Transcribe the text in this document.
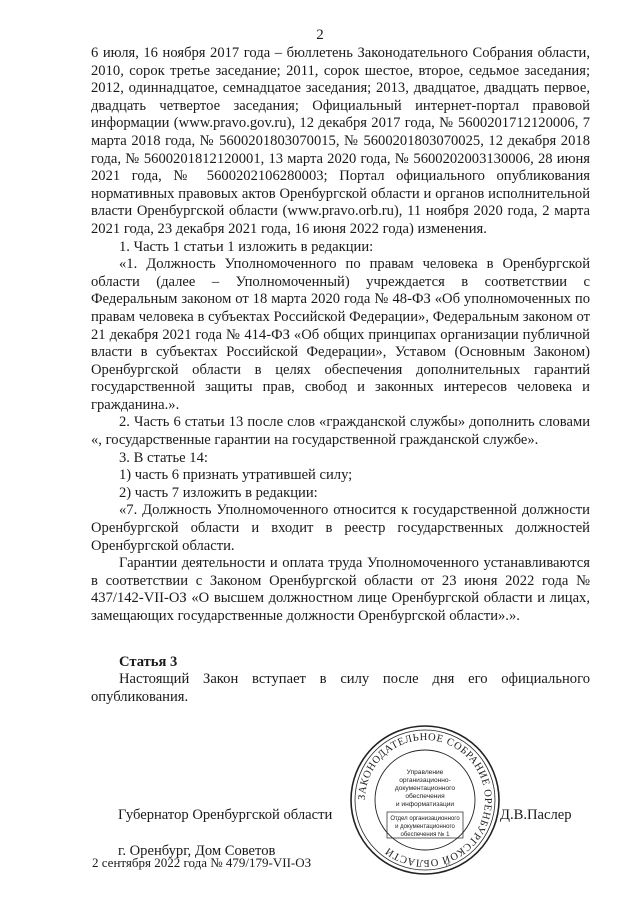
2

6 июля, 16 ноября 2017 года – бюллетень Законодательного Собрания области, 2010, сорок третье заседание; 2011, сорок шестое, второе, седьмое заседания; 2012, одиннадцатое, семнадцатое заседания; 2013, двадцатое, двадцать первое, двадцать четвертое заседания; Официальный интернет-портал правовой информации (www.pravo.gov.ru), 12 декабря 2017 года, № 5600201712120006, 7 марта 2018 года, № 5600201803070015, № 5600201803070025, 12 декабря 2018 года, № 5600201812120001, 13 марта 2020 года, № 5600202003130006, 28 июня 2021 года, № 5600202106280003; Портал официального опубликования нормативных правовых актов Оренбургской области и органов исполнительной власти Оренбургской области (www.pravo.orb.ru), 11 ноября 2020 года, 2 марта 2021 года, 23 декабря 2021 года, 16 июня 2022 года) изменения.

1. Часть 1 статьи 1 изложить в редакции:

«1. Должность Уполномоченного по правам человека в Оренбургской области (далее – Уполномоченный) учреждается в соответствии с Федеральным законом от 18 марта 2020 года № 48-ФЗ «Об уполномоченных по правам человека в субъектах Российской Федерации», Федеральным законом от 21 декабря 2021 года № 414-ФЗ «Об общих принципах организации публичной власти в субъектах Российской Федерации», Уставом (Основным Законом) Оренбургской области в целях обеспечения дополнительных гарантий государственной защиты прав, свобод и законных интересов человека и гражданина.».

2. Часть 6 статьи 13 после слов «гражданской службы» дополнить словами «, государственные гарантии на государственной гражданской службе».

3. В статье 14:

1) часть 6 признать утратившей силу;

2) часть 7 изложить в редакции:

«7. Должность Уполномоченного относится к государственной должности Оренбургской области и входит в реестр государственных должностей Оренбургской области.

Гарантии деятельности и оплата труда Уполномоченного устанавливаются в соответствии с Законом Оренбургской области от 23 июня 2022 года № 437/142-VII-ОЗ «О высшем должностном лице Оренбургской области и лицах, замещающих государственные должности Оренбургской области».».

Статья 3

Настоящий Закон вступает в силу после дня его официального опубликования.

Губернатор Оренбургской области	Д.В.Паслер
г. Оренбург, Дом Советов
2 сентября 2022 года № 479/179-VII-ОЗ
ЗАКОНОДАТЕЛЬНОЕ СОБРАНИЕ ОРЕНБУРГСКОЙ ОБЛАСТИ
Управление
организационно-
документационного
обеспечения
и информатизации
Отдел организационного
и документационного
обеспечения № 1
